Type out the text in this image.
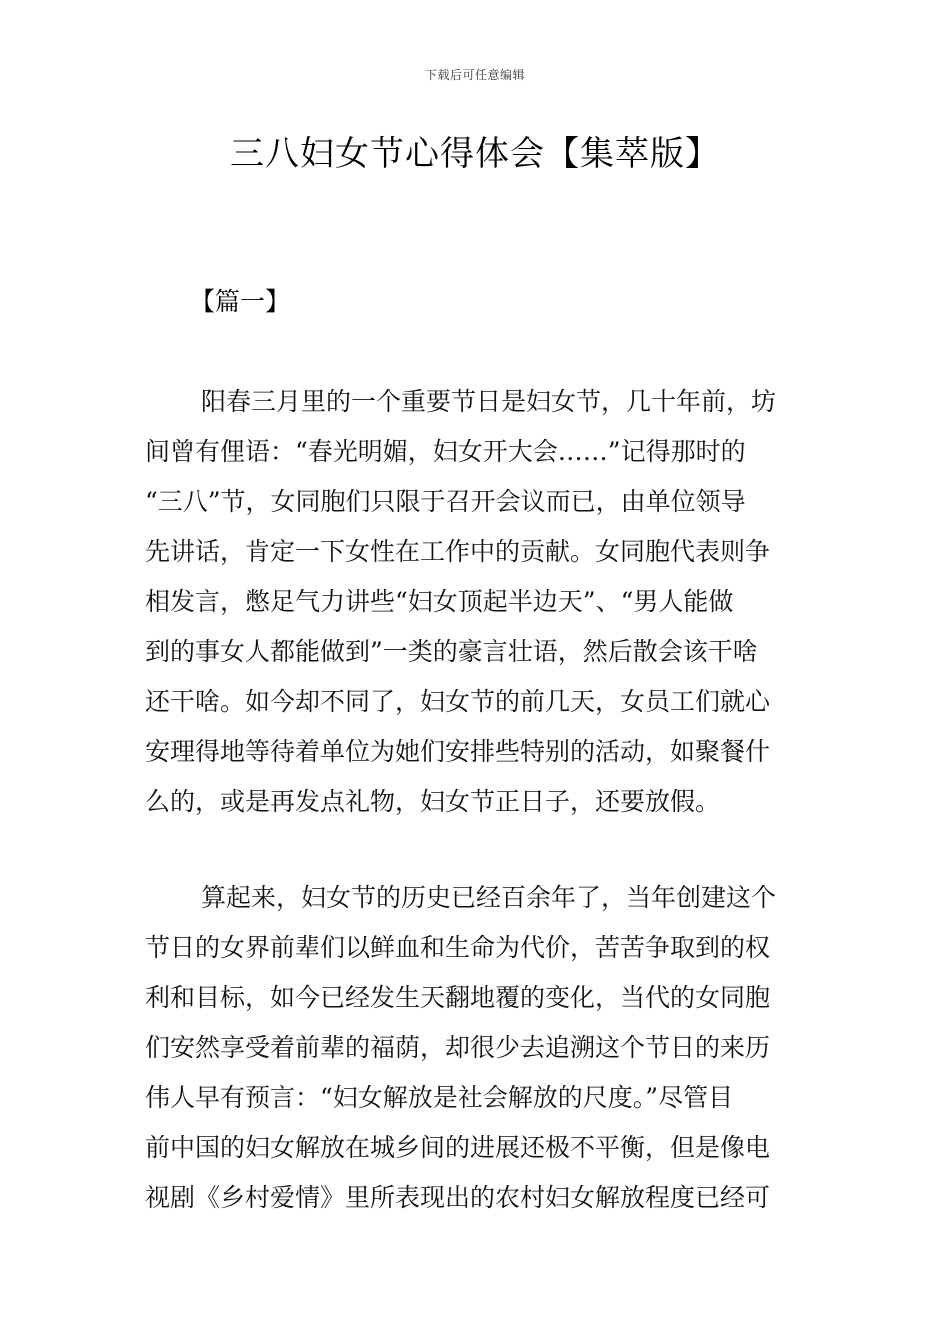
下载后可任意编辑
三八妇女节心得体会【集萃版】
【篇一】

阳春三月里的一个重要节日是妇女节，几十年前，坊

间曾有俚语：“春光明媚，妇女开大会……”记得那时的

“三八”节，女同胞们只限于召开会议而已，由单位领导

先讲话，肯定一下女性在工作中的贡献。女同胞代表则争

相发言，憋足气力讲些“妇女顶起半边天”、“男人能做

到的事女人都能做到”一类的豪言壮语，然后散会该干啥

还干啥。如今却不同了，妇女节的前几天，女员工们就心

安理得地等待着单位为她们安排些特别的活动，如聚餐什

么的，或是再发点礼物，妇女节正日子，还要放假。

算起来，妇女节的历史已经百余年了，当年创建这个

节日的女界前辈们以鲜血和生命为代价，苦苦争取到的权

利和目标，如今已经发生天翻地覆的变化，当代的女同胞

们安然享受着前辈的福荫，却很少去追溯这个节日的来历

伟人早有预言：“妇女解放是社会解放的尺度。”尽管目

前中国的妇女解放在城乡间的进展还极不平衡，但是像电

视剧《乡村爱情》里所表现出的农村妇女解放程度已经可
